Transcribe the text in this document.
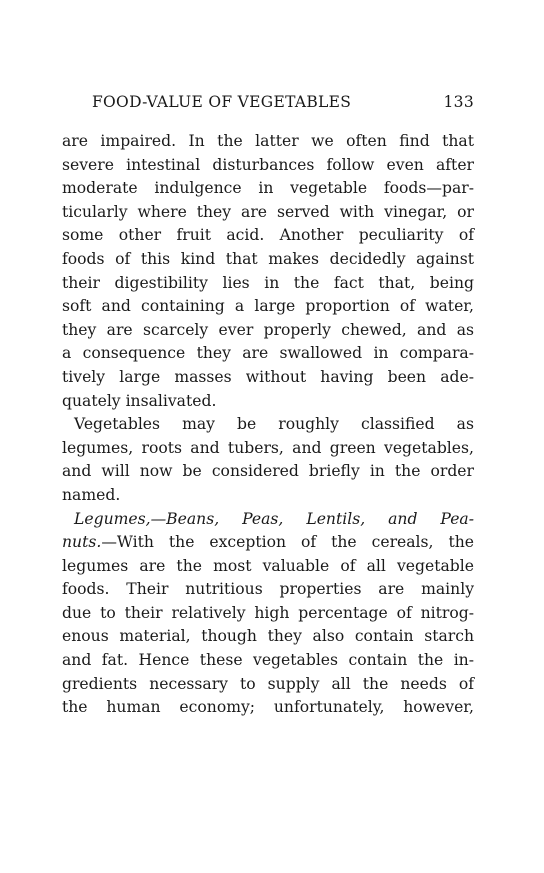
FOOD-VALUE OF VEGETABLES	133
are impaired. In the latter we often find that
severe intestinal disturbances follow even after
moderate indulgence in vegetable foods—par-
ticularly where they are served with vinegar, or
some other fruit acid. Another peculiarity of
foods of this kind that makes decidedly against
their digestibility lies in the fact that, being
soft and containing a large proportion of water,
they are scarcely ever properly chewed, and as
a consequence they are swallowed in compara-
tively large masses without having been ade-
quately insalivated.
Vegetables may be roughly classified as
legumes, roots and tubers, and green vegetables,
and will now be considered briefly in the order
named.
Legumes,—Beans, Peas, Lentils, and Pea-
nuts.—With the exception of the cereals, the
legumes are the most valuable of all vegetable
foods. Their nutritious properties are mainly
due to their relatively high percentage of nitrog-
enous material, though they also contain starch
and fat. Hence these vegetables contain the in-
gredients necessary to supply all the needs of
the human economy; unfortunately, however,
